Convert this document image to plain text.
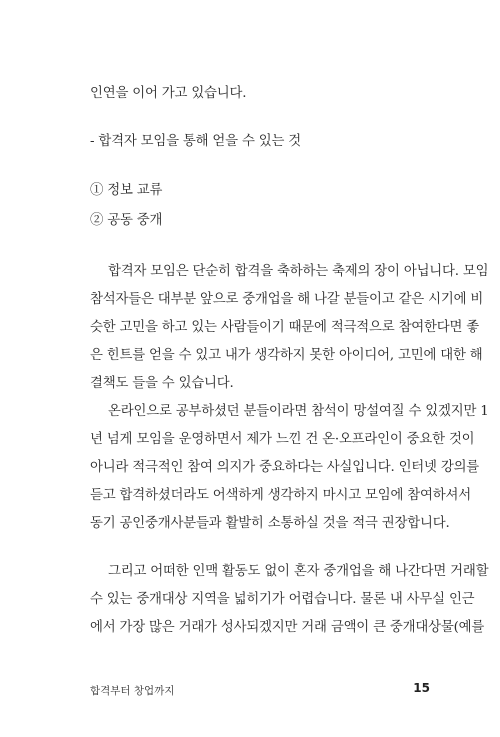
인연을 이어 가고 있습니다.
- 합격자 모임을 통해 얻을 수 있는 것
① 정보 교류
② 공동 중개
합격자 모임은 단순히 합격을 축하하는 축제의 장이 아닙니다. 모임
참석자들은 대부분 앞으로 중개업을 해 나갈 분들이고 같은 시기에 비
슷한 고민을 하고 있는 사람들이기 때문에 적극적으로 참여한다면 좋
은 힌트를 얻을 수 있고 내가 생각하지 못한 아이디어, 고민에 대한 해
결책도 들을 수 있습니다.
온라인으로 공부하셨던 분들이라면 참석이 망설여질 수 있겠지만 1
년 넘게 모임을 운영하면서 제가 느낀 건 온·오프라인이 중요한 것이
아니라 적극적인 참여 의지가 중요하다는 사실입니다. 인터넷 강의를
듣고 합격하셨더라도 어색하게 생각하지 마시고 모임에 참여하셔서
동기 공인중개사분들과 활발히 소통하실 것을 적극 권장합니다.
그리고 어떠한 인맥 활동도 없이 혼자 중개업을 해 나간다면 거래할
수 있는 중개대상 지역을 넓히기가 어렵습니다. 물론 내 사무실 인근
에서 가장 많은 거래가 성사되겠지만 거래 금액이 큰 중개대상물(예를
합격부터 창업까지	15
